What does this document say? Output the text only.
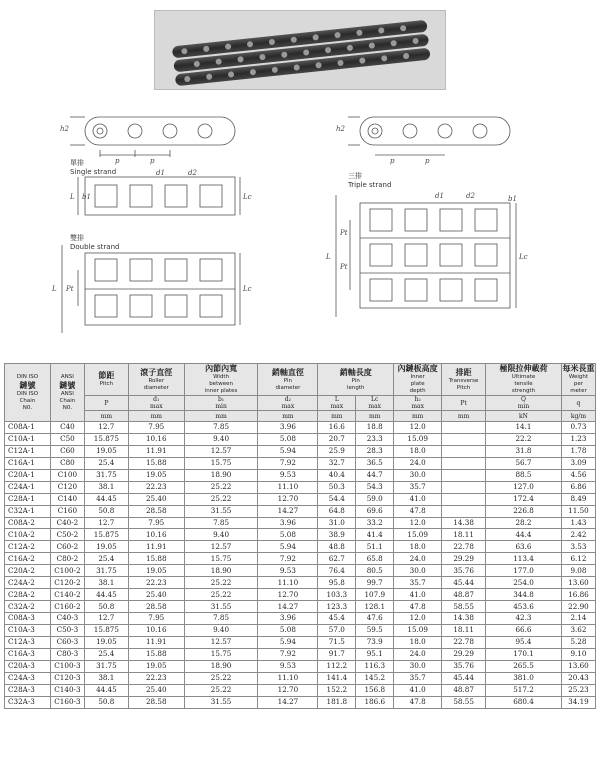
單排
Single strand
雙排
Double strand
三排
Triple strand
h2
p	p
d1	d2
L b1	Lc
L Pt	Lc
h2
p	p
d1	d2
L
Pt
Pt
b1
Lc
DIN ISO
鏈號
DIN ISO
Chain
N0.	ANSI
鏈號
ANSI
Chain
N0.	節距
Pitch	滾子直徑
Roller
diameter	內節內寬
Width
between
inner plates	銷軸直徑
Pin
diameter	銷軸長度
Pin
length		內鏈板高度
Inner
plate
depth	排距
Transverse
Pitch	極限拉伸載荷
Ultimate
tensile
strength	每米長重
Weight
per
meter

		P	d₁
max	b₁
min	d₂
max	L
max	Lc
max	h₂
max	Pt	Q
min	q
		mm	mm	mm	mm	mm	mm	mm	mm	kN	kg/m
C08A-1	C40	12.7	7.95	7.85	3.96	16.6	18.8	12.0		14.1	0.73
C10A-1	C50	15.875	10.16	9.40	5.08	20.7	23.3	15.09		22.2	1.23
C12A-1	C60	19.05	11.91	12.57	5.94	25.9	28.3	18.0		31.8	1.78
C16A-1	C80	25.4	15.88	15.75	7.92	32.7	36.5	24.0		56.7	3.09
C20A-1	C100	31.75	19.05	18.90	9.53	40.4	44.7	30.0		88.5	4.56
C24A-1	C120	38.1	22.23	25.22	11.10	50.3	54.3	35.7		127.0	6.86
C28A-1	C140	44.45	25.40	25.22	12.70	54.4	59.0	41.0		172.4	8.49
C32A-1	C160	50.8	28.58	31.55	14.27	64.8	69.6	47.8		226.8	11.50
C08A-2	C40-2	12.7	7.95	7.85	3.96	31.0	33.2	12.0	14.38	28.2	1.43
C10A-2	C50-2	15.875	10.16	9.40	5.08	38.9	41.4	15.09	18.11	44.4	2.42
C12A-2	C60-2	19.05	11.91	12.57	5.94	48.8	51.1	18.0	22.78	63.6	3.53
C16A-2	C80-2	25.4	15.88	15.75	7.92	62.7	65.8	24.0	29.29	113.4	6.12
C20A-2	C100-2	31.75	19.05	18.90	9.53	76.4	80.5	30.0	35.76	177.0	9.08
C24A-2	C120-2	38.1	22.23	25.22	11.10	95.8	99.7	35.7	45.44	254.0	13.60
C28A-2	C140-2	44.45	25.40	25.22	12.70	103.3	107.9	41.0	48.87	344.8	16.86
C32A-2	C160-2	50.8	28.58	31.55	14.27	123.3	128.1	47.8	58.55	453.6	22.90
C08A-3	C40-3	12.7	7.95	7.85	3.96	45.4	47.6	12.0	14.38	42.3	2.14
C10A-3	C50-3	15.875	10.16	9.40	5.08	57.0	59.5	15.09	18.11	66.6	3.62
C12A-3	C60-3	19.05	11.91	12.57	5.94	71.5	73.9	18.0	22.78	95.4	5.28
C16A-3	C80-3	25.4	15.88	15.75	7.92	91.7	95.1	24.0	29.29	170.1	9.10
C20A-3	C100-3	31.75	19.05	18.90	9.53	112.2	116.3	30.0	35.76	265.5	13.60
C24A-3	C120-3	38.1	22.23	25.22	11.10	141.4	145.2	35.7	45.44	381.0	20.43
C28A-3	C140-3	44.45	25.40	25.22	12.70	152.2	156.8	41.0	48.87	517.2	25.23
C32A-3	C160-3	50.8	28.58	31.55	14.27	181.8	186.6	47.8	58.55	680.4	34.19
